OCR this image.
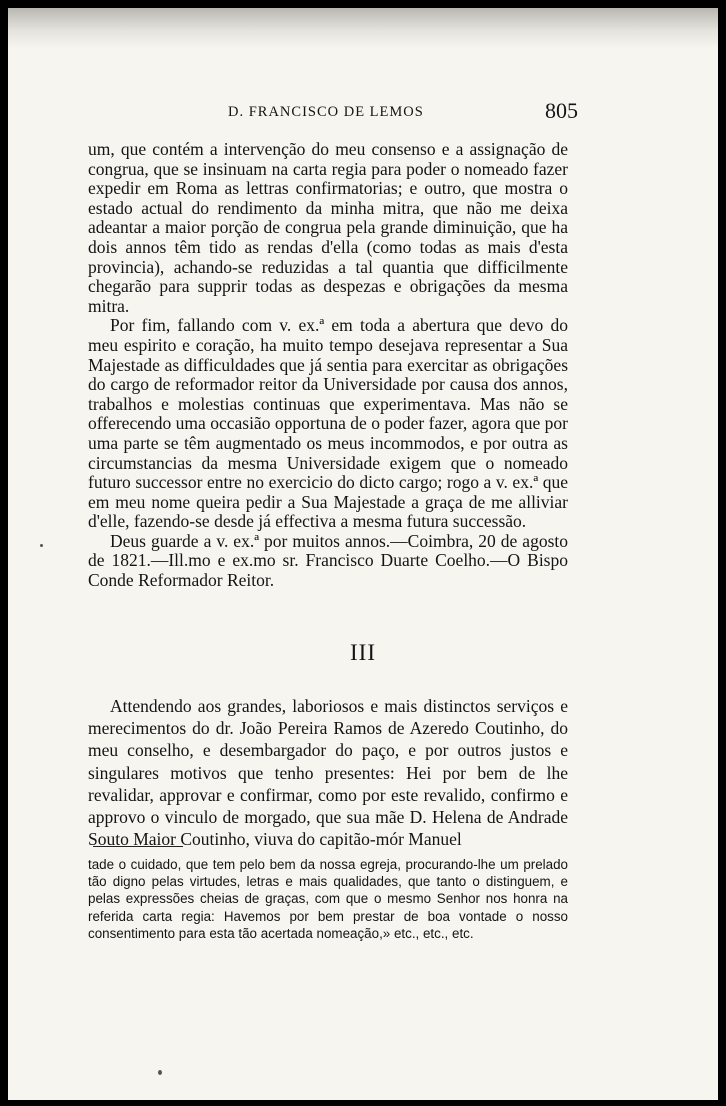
D. FRANCISCO DE LEMOS	805

um, que contém a intervenção do meu consenso e a assignação de congrua, que se insinuam na carta regia para poder o nomeado fazer expedir em Roma as lettras confirmatorias; e outro, que mostra o estado actual do rendimento da minha mitra, que não me deixa adeantar a maior porção de congrua pela grande diminuição, que ha dois annos têm tido as rendas d'ella (como todas as mais d'esta provincia), achando-se reduzidas a tal quantia que difficilmente chegarão para supprir todas as despezas e obrigações da mesma mitra.

Por fim, fallando com v. ex.ª em toda a abertura que devo do meu espirito e coração, ha muito tempo desejava representar a Sua Majestade as difficuldades que já sentia para exercitar as obrigações do cargo de reformador reitor da Universidade por causa dos annos, trabalhos e molestias continuas que experimentava. Mas não se offerecendo uma occasião opportuna de o poder fazer, agora que por uma parte se têm augmentado os meus incommodos, e por outra as circumstancias da mesma Universidade exigem que o nomeado futuro successor entre no exercicio do dicto cargo; rogo a v. ex.ª que em meu nome queira pedir a Sua Majestade a graça de me alliviar d'elle, fazendo-se desde já effectiva a mesma futura successão.

Deus guarde a v. ex.ª por muitos annos.—Coimbra, 20 de agosto de 1821.—Ill.mo e ex.mo sr. Francisco Duarte Coelho.—O Bispo Conde Reformador Reitor.

III

Attendendo aos grandes, laboriosos e mais distinctos serviços e merecimentos do dr. João Pereira Ramos de Azeredo Coutinho, do meu conselho, e desembargador do paço, e por outros justos e singulares motivos que tenho presentes: Hei por bem de lhe revalidar, approvar e confirmar, como por este revalido, confirmo e approvo o vinculo de morgado, que sua mãe D. Helena de Andrade Souto Maior Coutinho, viuva do capitão-mór Manuel

tade o cuidado, que tem pelo bem da nossa egreja, procurando-lhe um prelado tão digno pelas virtudes, letras e mais qualidades, que tanto o distinguem, e pelas expressões cheias de graças, com que o mesmo Senhor nos honra na referida carta regia: Havemos por bem prestar de boa vontade o nosso consentimento para esta tão acertada nomeação,» etc., etc., etc.
